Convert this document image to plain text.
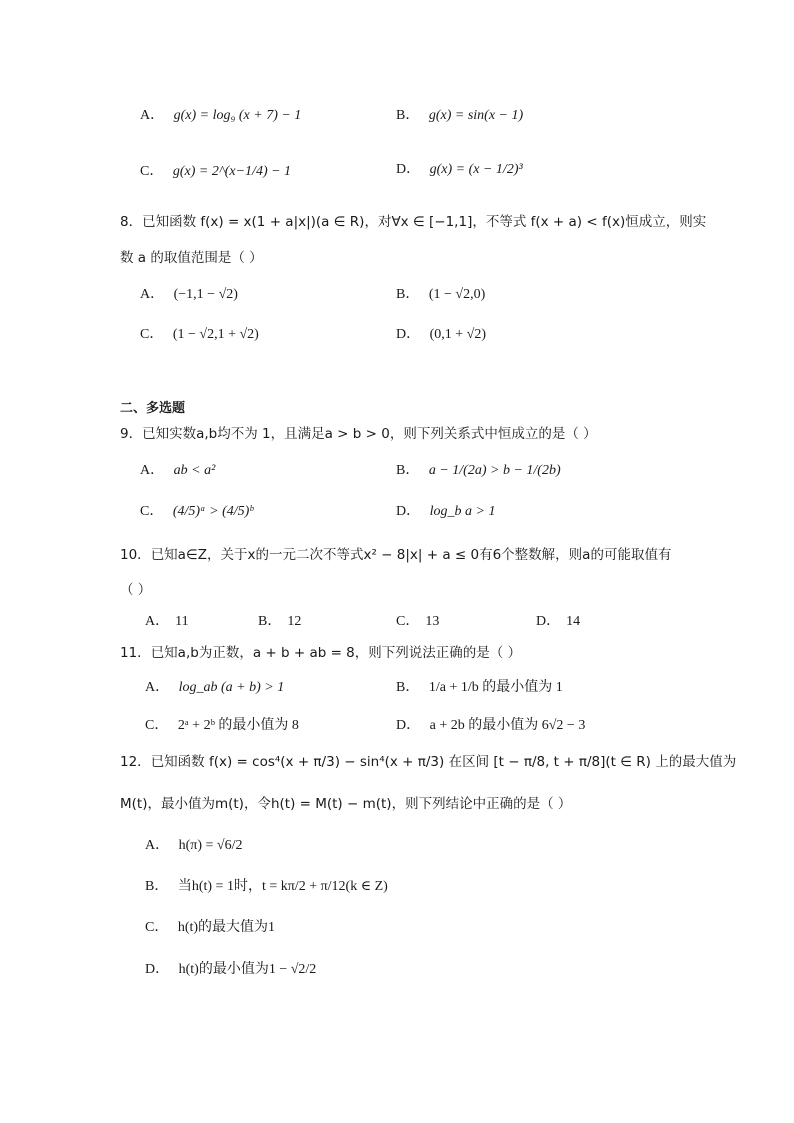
A． g(x) = log₉ (x + 7) − 1	B． g(x) = sin(x − 1)
C． g(x) = 2^(x−1/4) − 1	D． g(x) = (x − 1/2)³
8．已知函数 f(x) = x(1 + a|x|)(a ∈ R)，对∀x ∈ [−1,1]，不等式 f(x + a) < f(x)恒成立，则实
数 a 的取值范围是（ ）
A． (−1,1 − √2)	B． (1 − √2,0)
C． (1 − √2,1 + √2)	D． (0,1 + √2)
二、多选题
9．已知实数a,b均不为 1，且满足a > b > 0，则下列关系式中恒成立的是（ ）
A． ab < a²	B． a − 1/(2a) > b − 1/(2b)
C． (4/5)ᵃ > (4/5)ᵇ	D． log_b a > 1
10．已知a∈Z，关于x的一元二次不等式x² − 8|x| + a ≤ 0有6个整数解，则a的可能取值有
（ ）
A． 11	B． 12	C． 13	D． 14
11．已知a,b为正数，a + b + ab = 8，则下列说法正确的是（ ）
A． log_ab (a + b) > 1	B． 1/a + 1/b 的最小值为 1
C． 2ᵃ + 2ᵇ 的最小值为 8	D． a + 2b 的最小值为 6√2 − 3
12．已知函数 f(x) = cos⁴(x + π/3) − sin⁴(x + π/3) 在区间 [t − π/8, t + π/8](t ∈ R) 上的最大值为
M(t)，最小值为m(t)，令h(t) = M(t) − m(t)，则下列结论中正确的是（ ）
A． h(π) = √6/2
B． 当h(t) = 1时，t = kπ/2 + π/12(k ∈ Z)
C． h(t)的最大值为1
D． h(t)的最小值为1 − √2/2
